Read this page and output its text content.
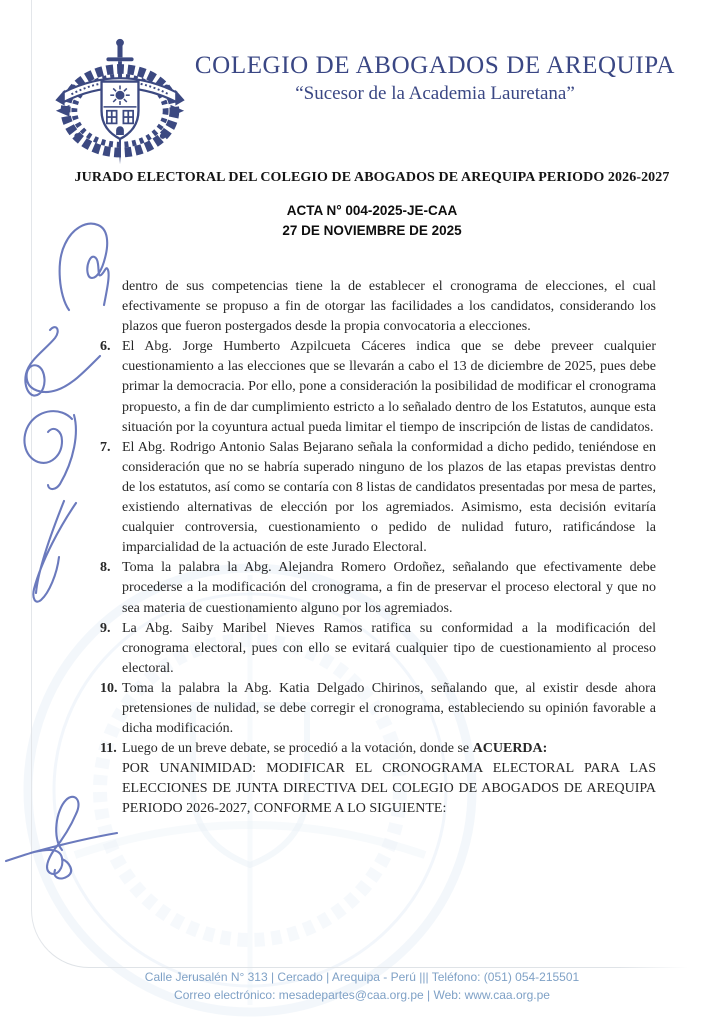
COLEGIO DE ABOGADOS DE AREQUIPA
“Sucesor de la Academia Lauretana”
JURADO ELECTORAL DEL COLEGIO DE ABOGADOS DE AREQUIPA PERIODO 2026-2027
ACTA N° 004-2025-JE-CAA
27 DE NOVIEMBRE DE 2025

dentro de sus competencias tiene la de establecer el cronograma de elecciones, el cual efectivamente se propuso a fin de otorgar las facilidades a los candidatos, considerando los plazos que fueron postergados desde la propia convocatoria a elecciones.

6. El Abg. Jorge Humberto Azpilcueta Cáceres indica que se debe preveer cualquier cuestionamiento a las elecciones que se llevarán a cabo el 13 de diciembre de 2025, pues debe primar la democracia. Por ello, pone a consideración la posibilidad de modificar el cronograma propuesto, a fin de dar cumplimiento estricto a lo señalado dentro de los Estatutos, aunque esta situación por la coyuntura actual pueda limitar el tiempo de inscripción de listas de candidatos.

7. El Abg. Rodrigo Antonio Salas Bejarano señala la conformidad a dicho pedido, teniéndose en consideración que no se habría superado ninguno de los plazos de las etapas previstas dentro de los estatutos, así como se contaría con 8 listas de candidatos presentadas por mesa de partes, existiendo alternativas de elección por los agremiados. Asimismo, esta decisión evitaría cualquier controversia, cuestionamiento o pedido de nulidad futuro, ratificándose la imparcialidad de la actuación de este Jurado Electoral.

8. Toma la palabra la Abg. Alejandra Romero Ordoñez, señalando que efectivamente debe procederse a la modificación del cronograma, a fin de preservar el proceso electoral y que no sea materia de cuestionamiento alguno por los agremiados.

9. La Abg. Saiby Maribel Nieves Ramos ratifica su conformidad a la modificación del cronograma electoral, pues con ello se evitará cualquier tipo de cuestionamiento al proceso electoral.

10. Toma la palabra la Abg. Katia Delgado Chirinos, señalando que, al existir desde ahora pretensiones de nulidad, se debe corregir el cronograma, estableciendo su opinión favorable a dicha modificación.

11. Luego de un breve debate, se procedió a la votación, donde se ACUERDA:

POR UNANIMIDAD: MODIFICAR EL CRONOGRAMA ELECTORAL PARA LAS ELECCIONES DE JUNTA DIRECTIVA DEL COLEGIO DE ABOGADOS DE AREQUIPA PERIODO 2026-2027, CONFORME A LO SIGUIENTE:

Calle Jerusalén N° 313 | Cercado | Arequipa - Perú ||| Teléfono: (051) 054-215501
Correo electrónico: mesadepartes@caa.org.pe | Web: www.caa.org.pe
